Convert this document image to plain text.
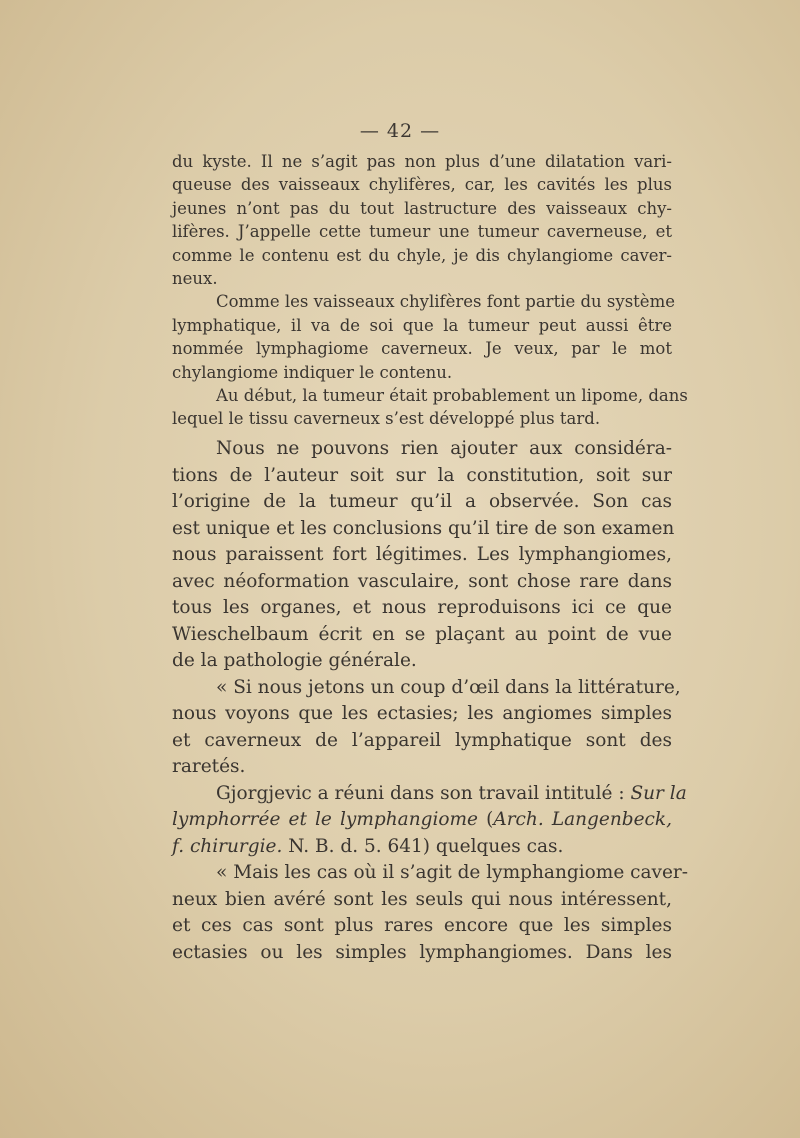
— 42 —
du kyste. Il ne s’agit pas non plus d’une dilatation vari-
queuse des vaisseaux chylifères, car, les cavités les plus
jeunes n’ont pas du tout lastructure des vaisseaux chy-
lifères. J’appelle cette tumeur une tumeur caverneuse, et
comme le contenu est du chyle, je dis chylangiome caver-
neux.
Comme les vaisseaux chylifères font partie du système
lymphatique, il va de soi que la tumeur peut aussi être
nommée lymphagiome caverneux. Je veux, par le mot
chylangiome indiquer le contenu.
Au début, la tumeur était probablement un lipome, dans
lequel le tissu caverneux s’est développé plus tard.
Nous ne pouvons rien ajouter aux considéra-
tions de l’auteur soit sur la constitution, soit sur
l’origine de la tumeur qu’il a observée. Son cas
est unique et les conclusions qu’il tire de son examen
nous paraissent fort légitimes. Les lymphangiomes,
avec néoformation vasculaire, sont chose rare dans
tous les organes, et nous reproduisons ici ce que
Wieschelbaum écrit en se plaçant au point de vue
de la pathologie générale.
« Si nous jetons un coup d’œil dans la littérature,
nous voyons que les ectasies; les angiomes simples
et caverneux de l’appareil lymphatique sont des
raretés.
Gjorgjevic a réuni dans son travail intitulé : Sur la
lymphorrée et le lymphangiome (Arch. Langenbeck,
f. chirurgie. N. B. d. 5. 641) quelques cas.
« Mais les cas où il s’agit de lymphangiome caver-
neux bien avéré sont les seuls qui nous intéressent,
et ces cas sont plus rares encore que les simples
ectasies ou les simples lymphangiomes. Dans les
